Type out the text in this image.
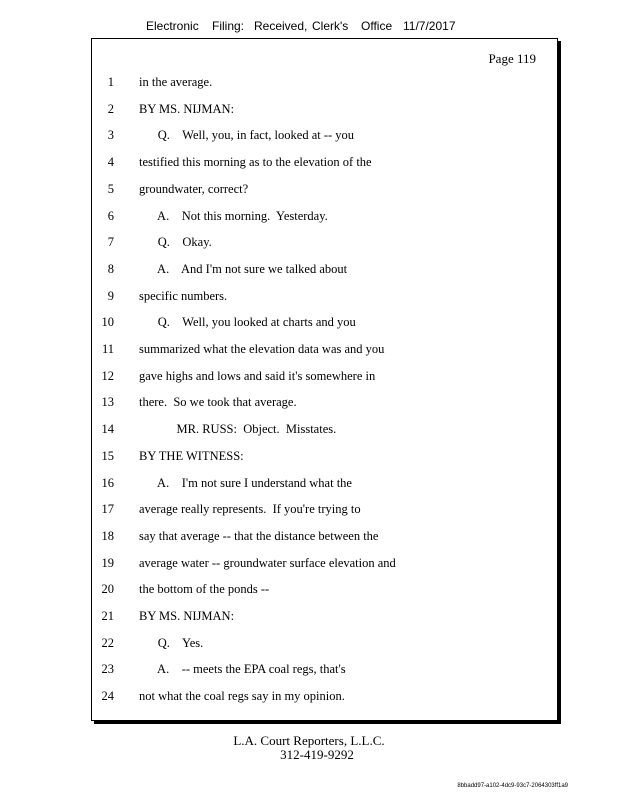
Electronic Filing: Received, Clerk's Office 11/7/2017
Page 119
1 in the average.
2 BY MS. NIJMAN:
3 Q.    Well, you, in fact, looked at -- you
4 testified this morning as to the elevation of the
5 groundwater, correct?
6 A.    Not this morning.  Yesterday.
7 Q.    Okay.
8 A.    And I'm not sure we talked about
9 specific numbers.
10 Q.    Well, you looked at charts and you
11 summarized what the elevation data was and you
12 gave highs and lows and said it's somewhere in
13 there.  So we took that average.
14 MR. RUSS:  Object.  Misstates.
15 BY THE WITNESS:
16 A.    I'm not sure I understand what the
17 average really represents.  If you're trying to
18 say that average -- that the distance between the
19 average water -- groundwater surface elevation and
20 the bottom of the ponds --
21 BY MS. NIJMAN:
22 Q.    Yes.
23 A.    -- meets the EPA coal regs, that's
24 not what the coal regs say in my opinion.
L.A. Court Reporters, L.L.C.
312-419-9292
8bbadd97-a102-4dc9-93c7-2064303ff1a9
